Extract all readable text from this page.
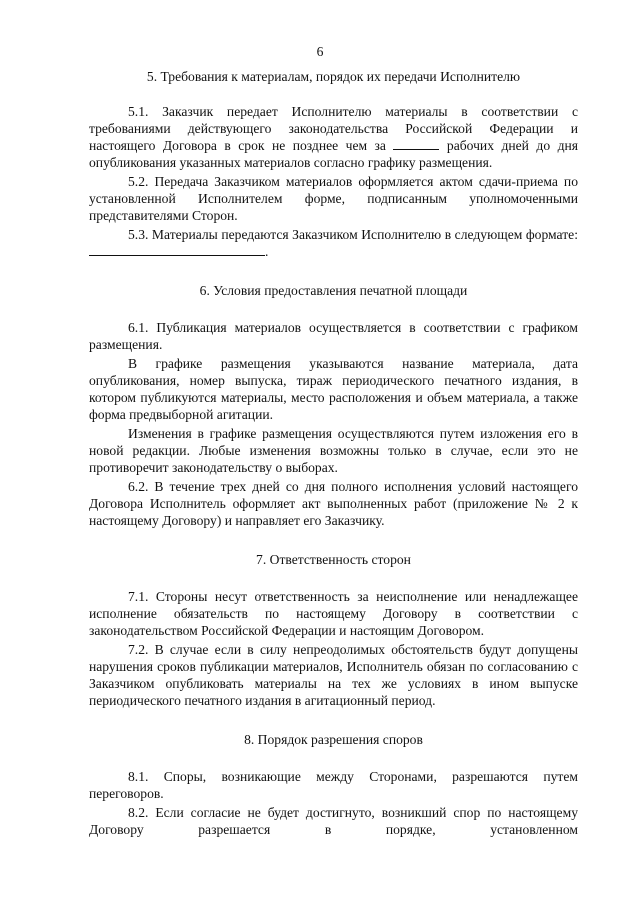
6
5. Требования к материалам, порядок их передачи Исполнителю

5.1. Заказчик передает Исполнителю материалы в соответствии с требованиями действующего законодательства Российской Федерации и настоящего Договора в срок не позднее чем за	рабочих дней до дня опубликования указанных материалов согласно графику размещения.

5.2. Передача Заказчиком материалов оформляется актом сдачи-приема по установленной Исполнителем форме, подписанным уполномоченными представителями Сторон.

5.3. Материалы передаются Заказчиком Исполнителю в следующем формате: .

6. Условия предоставления печатной площади

6.1. Публикация материалов осуществляется в соответствии с графиком размещения.

В графике размещения указываются название материала, дата опубликования, номер выпуска, тираж периодического печатного издания, в котором публикуются материалы, место расположения и объем материала, а также форма предвыборной агитации.

Изменения в графике размещения осуществляются путем изложения его в новой редакции. Любые изменения возможны только в случае, если это не противоречит законодательству о выборах.

6.2. В течение трех дней со дня полного исполнения условий настоящего Договора Исполнитель оформляет акт выполненных работ (приложение № 2 к настоящему Договору) и направляет его Заказчику.

7. Ответственность сторон

7.1. Стороны несут ответственность за неисполнение или ненадлежащее исполнение обязательств по настоящему Договору в соответствии с законодательством Российской Федерации и настоящим Договором.

7.2. В случае если в силу непреодолимых обстоятельств будут допущены нарушения сроков публикации материалов, Исполнитель обязан по согласованию с Заказчиком опубликовать материалы на тех же условиях в ином выпуске периодического печатного издания в агитационный период.

8. Порядок разрешения споров

8.1. Споры, возникающие между Сторонами, разрешаются путем переговоров.

8.2. Если согласие не будет достигнуто, возникший спор по настоящему Договору разрешается в порядке, установленном
